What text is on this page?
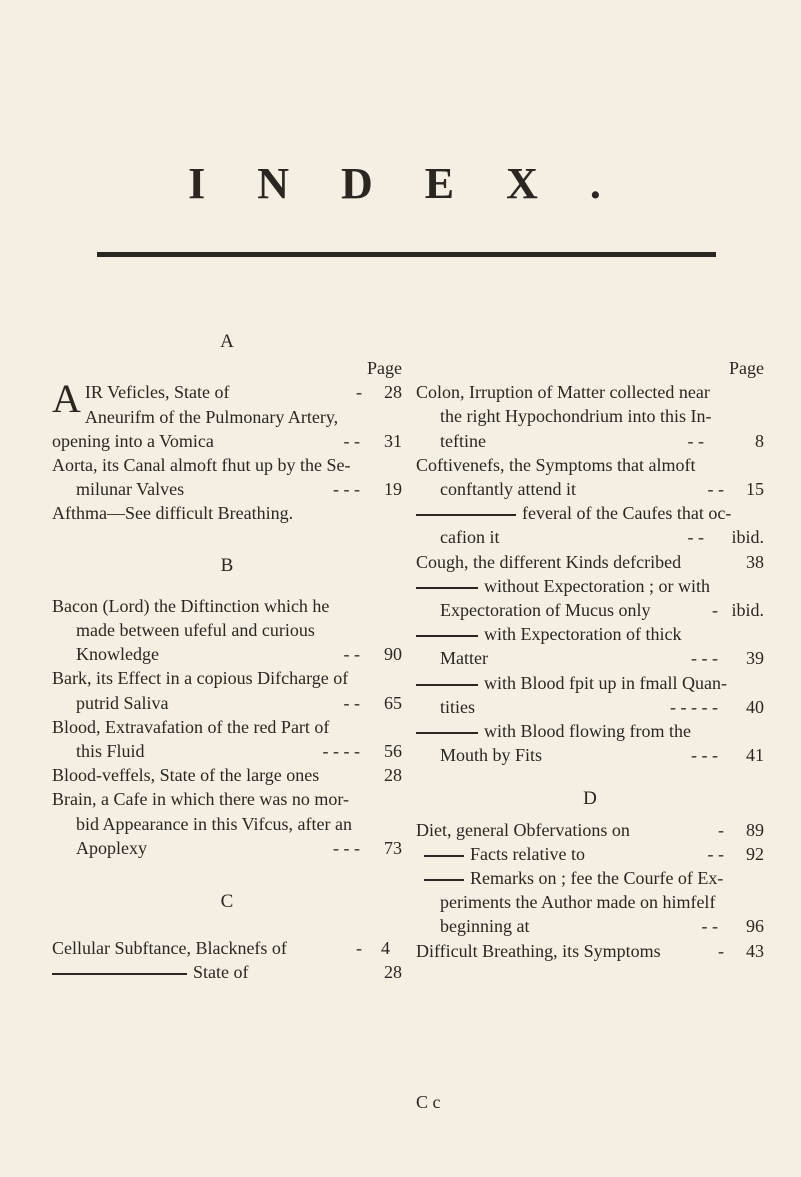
INDEX.
A
Page
A IR Veficles, State of	- 28
Aneurifm of the Pulmonary Artery,
opening into a Vomica	- - 31
Aorta, its Canal almoft fhut up by the Se-
milunar Valves	- - - 19
Afthma—See difficult Breathing.
B
Bacon (Lord) the Diftinction which he
made between ufeful and curious
Knowledge	- - 90
Bark, its Effect in a copious Difcharge of
putrid Saliva	- - 65
Blood, Extravafation of the red Part of
this Fluid	- - - - 56
Blood-veffels, State of the large ones	28
Brain, a Cafe in which there was no mor-
bid Appearance in this Vifcus, after an
Apoplexy	- - - 73
C
Cellular Subftance, Blacknefs of	- 4
State of	28
Page
Colon, Irruption of Matter collected near
the right Hypochondrium into this In-
teftine	- -	8
Coftivenefs, the Symptoms that almoft
conftantly attend it	- - 15
feveral of the Caufes that oc-
cafion it	- - ibid.
Cough, the different Kinds defcribed	38
without Expectoration ; or with
Expectoration of Mucus only	- ibid.
with Expectoration of thick
Matter	- - - 39
with Blood fpit up in fmall Quan-
tities	- - - - - 40
with Blood flowing from the
Mouth by Fits	- - - 41
D
Diet, general Obfervations on	- 89
Facts relative to	- - 92
Remarks on ; fee the Courfe of Ex-
periments the Author made on himfelf
beginning at	- - 96
Difficult Breathing, its Symptoms	- 43
C c
